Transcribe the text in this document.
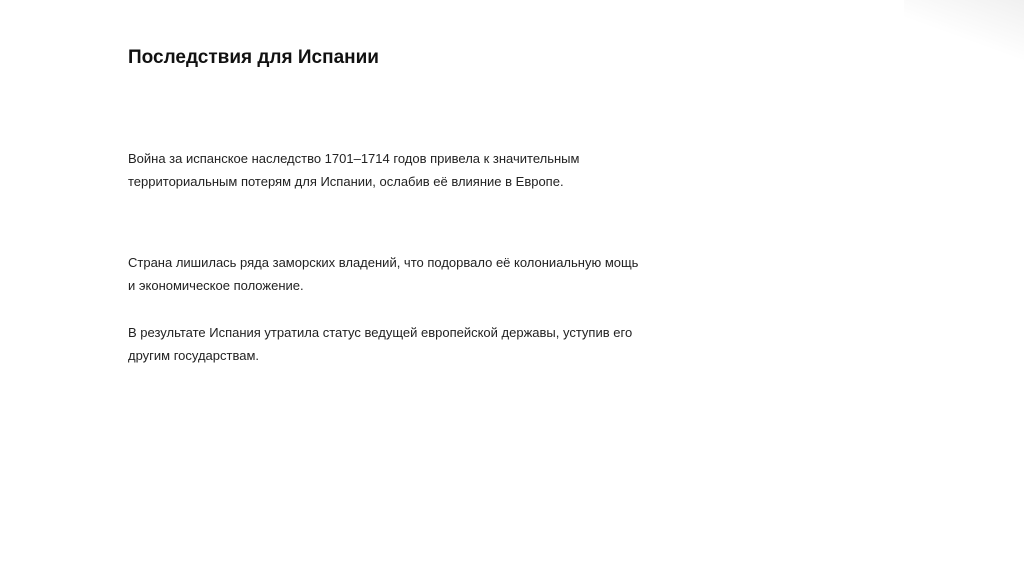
Последствия для Испании
Война за испанское наследство 1701–1714 годов привела к значительным
территориальным потерям для Испании, ослабив её влияние в Европе.
Страна лишилась ряда заморских владений, что подорвало её колониальную мощь
и экономическое положение.
В результате Испания утратила статус ведущей европейской державы, уступив его
другим государствам.
